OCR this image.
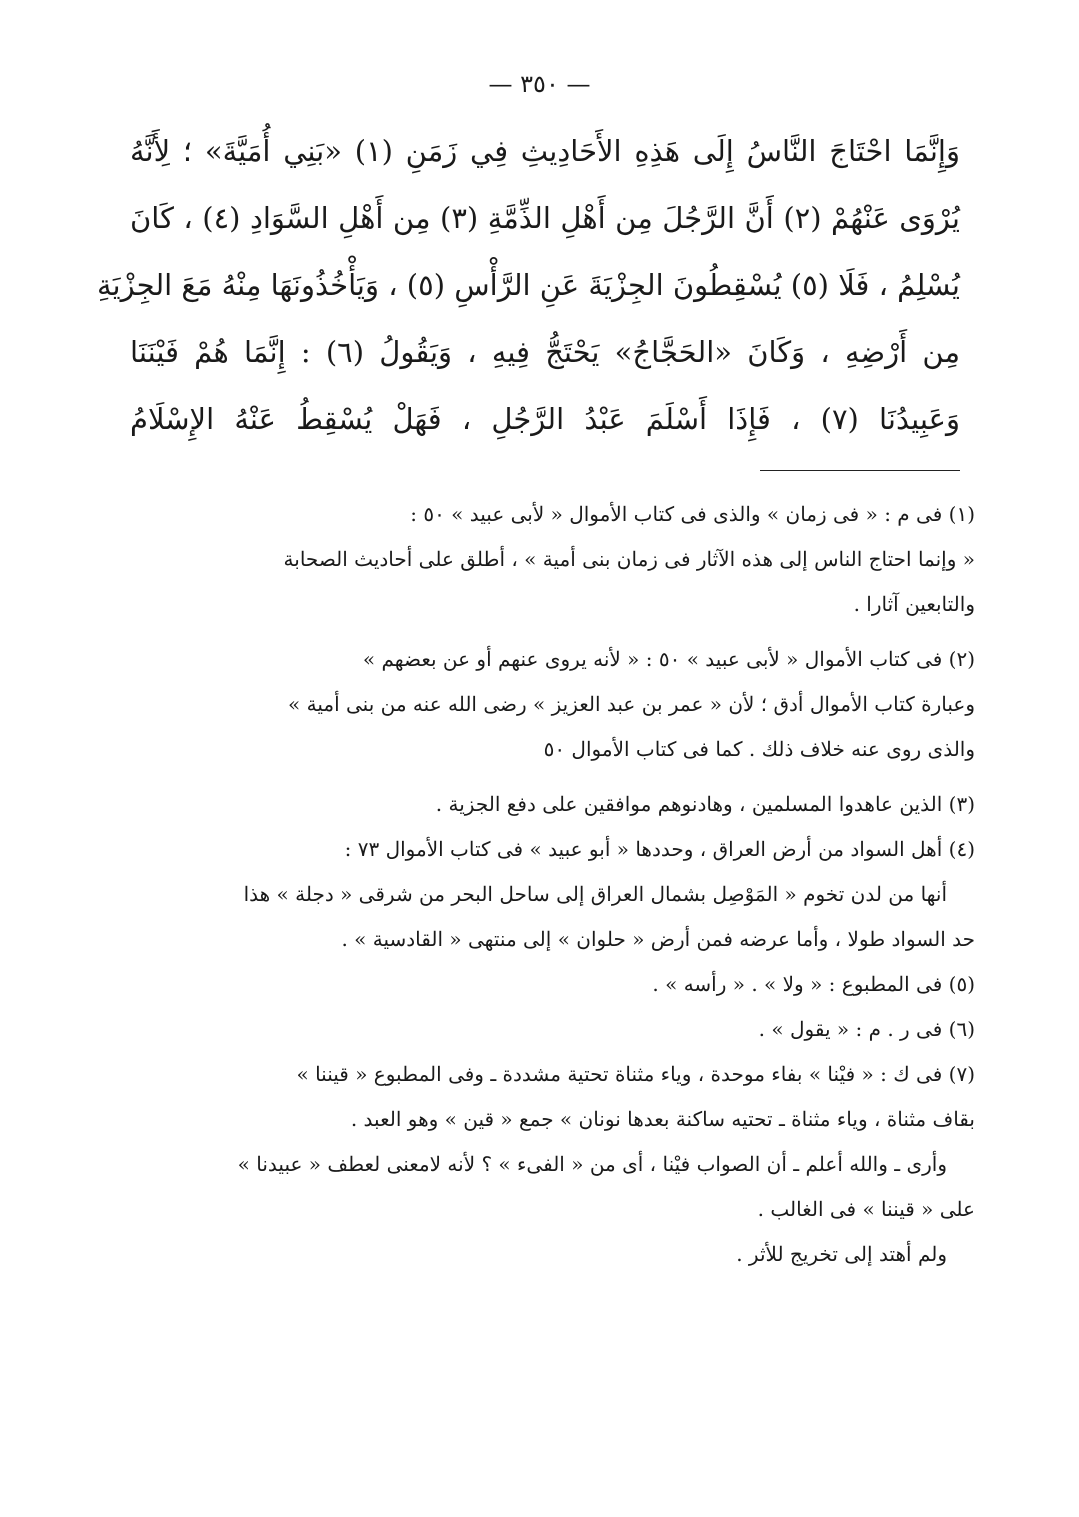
— ٣٥٠ —
وَإِنَّمَا احْتَاجَ النَّاسُ إِلَى هَذِهِ الأَحَادِيثِ فِي زَمَنِ (١) «بَنِي أُمَيَّةَ» ؛ لِأَنَّهُ
يُرْوَى عَنْهُمْ (٢) أَنَّ الرَّجُلَ مِن أَهْلِ الذِّمَّةِ (٣) مِن أَهْلِ السَّوَادِ (٤) ، كَانَ
يُسْلِمُ ، فَلَا (٥) يُسْقِطُونَ الجِزْيَةَ عَنِ الرَّأْسِ (٥) ، وَيَأْخُذُونَهَا مِنْهُ مَعَ الجِزْيَةِ
مِن أَرْضِهِ ، وَكَانَ «الحَجَّاجُ» يَحْتَجُّ فِيهِ ، وَيَقُولُ (٦) : إِنَّمَا هُمْ فَيْنَنَا
وَعَبِيدُنَا (٧) ، فَإِذَا أَسْلَمَ عَبْدُ الرَّجُلِ ، فَهَلْ يُسْقِطُ عَنْهُ الإِسْلَامُ
(١) فى م : « فى زمان » والذى فى كتاب الأموال « لأبى عبيد » ٥٠ :
« وإنما احتاج الناس إلى هذه الآثار فى زمان بنى أمية » ، أطلق على أحاديث الصحابة
والتابعين آثارا .
(٢) فى كتاب الأموال « لأبى عبيد » ٥٠ : « لأنه يروى عنهم أو عن بعضهم »
وعبارة كتاب الأموال أدق ؛ لأن « عمر بن عبد العزيز » رضى الله عنه من بنى أمية »
والذى روى عنه خلاف ذلك . كما فى كتاب الأموال ٥٠
(٣) الذين عاهدوا المسلمين ، وهادنوهم موافقين على دفع الجزية .
(٤) أهل السواد من أرض العراق ، وحددها « أبو عبيد » فى كتاب الأموال ٧٣ :
أنها من لدن تخوم « المَوْصِل بشمال العراق إلى ساحل البحر من شرقى « دجلة » هذا
حد السواد طولا ، وأما عرضه فمن أرض « حلوان » إلى منتهى « القادسية » .
(٥) فى المطبوع : « ولا » . « رأسه » .
(٦) فى ر . م : « يقول » .
(٧) فى ك : « فيْنا » بفاء موحدة ، وياء مثناة تحتية مشددة ـ وفى المطبوع « قيننا »
بقاف مثناة ، وياء مثناة ـ تحتيه ساكنة بعدها نونان » جمع « قين » وهو العبد .
وأرى ـ والله أعلم ـ أن الصواب فيْنا ، أى من « الفىء » ؟ لأنه لامعنى لعطف « عبيدنا »
على « قيننا » فى الغالب .
ولم أهتد إلى تخريج للأثر .
